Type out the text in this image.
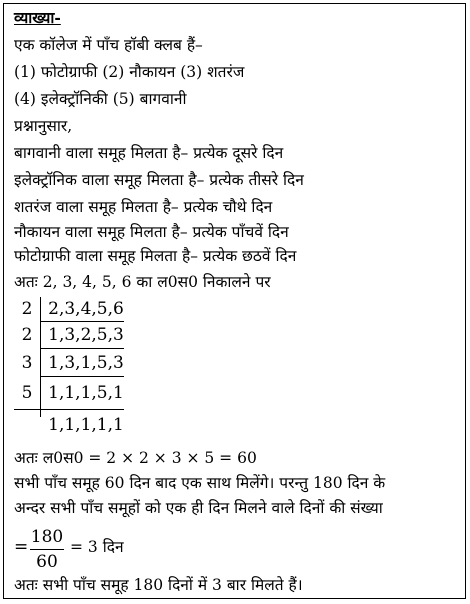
व्याख्या-
एक कॉलेज में पाँच हॉबी क्लब हैं–
(1) फोटोग्राफी (2) नौकायन (3) शतरंज
(4) इलेक्ट्रॉनिकी (5) बागवानी
प्रश्नानुसार,
बागवानी वाला समूह मिलता है– प्रत्येक दूसरे दिन
इलेक्ट्रॉनिक वाला समूह मिलता है– प्रत्येक तीसरे दिन
शतरंज वाला समूह मिलता है– प्रत्येक चौथे दिन
नौकायन वाला समूह मिलता है– प्रत्येक पाँचवें दिन
फोटोग्राफी वाला समूह मिलता है– प्रत्येक छठवें दिन
अतः 2, 3, 4, 5, 6 का ल0स0 निकालने पर
2 2,3,4,5,6
2 1,3,2,5,3
3 1,3,1,5,3
5 1,1,1,5,1
1,1,1,1,1
अतः ल0स0 = 2 × 2 × 3 × 5 = 60
सभी पाँच समूह 60 दिन बाद एक साथ मिलेंगे। परन्तु 180 दिन के
अन्दर सभी पाँच समूहों को एक ही दिन मिलने वाले दिनों की संख्या
= 180
60
= 3 दिन
अतः सभी पाँच समूह 180 दिनों में 3 बार मिलते हैं।
